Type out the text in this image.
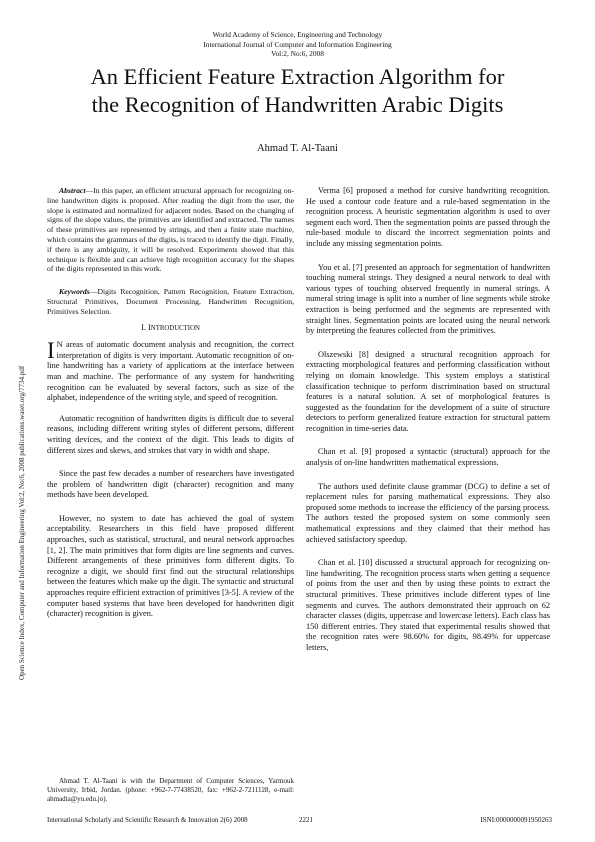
World Academy of Science, Engineering and Technology
International Journal of Computer and Information Engineering
Vol:2, No:6, 2008
An Efficient Feature Extraction Algorithm for
the Recognition of Handwritten Arabic Digits
Ahmad T. Al-Taani
Open Science Index, Computer and Information Engineering Vol:2, No:6, 2008 publications.waset.org/7734.pdf

Abstract—In this paper, an efficient structural approach for recognizing on-line handwritten digits is proposed. After reading the digit from the user, the slope is estimated and normalized for adjacent nodes. Based on the changing of signs of the slope values, the primitives are identified and extracted. The names of these primitives are represented by strings, and then a finite state machine, which contains the grammars of the digits, is traced to identify the digit. Finally, if there is any ambiguity, it will be resolved. Experiments showed that this technique is flexible and can achieve high recognition accuracy for the shapes of the digits represented in this work.

Keywords—Digits Recognition, Pattern Recognition, Feature Extraction, Structural Primitives, Document Processing, Handwritten Recognition, Primitives Selection.

I. INTRODUCTION

I N areas of automatic document analysis and recognition, the correct interpretation of digits is very important. Automatic recognition of on-line handwriting has a variety of applications at the interface between man and machine. The performance of any system for handwriting recognition can be evaluated by several factors, such as size of the alphabet, independence of the writing style, and speed of recognition.

Automatic recognition of handwritten digits is difficult due to several reasons, including different writing styles of different persons, different writing devices, and the context of the digit. This leads to digits of different sizes and skews, and strokes that vary in width and shape.

Since the past few decades a number of researchers have investigated the problem of handwritten digit (character) recognition and many methods have been developed.

However, no system to date has achieved the goal of system acceptability. Researchers in this field have proposed different approaches, such as statistical, structural, and neural network approaches [1, 2]. The main primitives that form digits are line segments and curves. Different arrangements of these primitives form different digits. To recognize a digit, we should first find out the structural relationships between the features which make up the digit. The syntactic and structural approaches require efficient extraction of primitives [3-5]. A review of the computer based systems that have been developed for handwritten digit (character) recognition is given.

Ahmad T. Al-Taani is with the Department of Computer Sciences, Yarmouk University, Irbid, Jordan. (phone: +962-7-77438520, fax: +962-2-7211128, e-mail: ahmadta@yu.edu.jo).

Verma [6] proposed a method for cursive handwriting recognition. He used a contour code feature and a rule-based segmentation in the recognition process. A heuristic segmentation algorithm is used to over segment each word. Then the segmentation points are passed through the rule-based module to discard the incorrect segmentation points and include any missing segmentation points.

You et al. [7] presented an approach for segmentation of handwritten touching numeral strings. They designed a neural network to deal with various types of touching observed frequently in numeral strings. A numeral string image is split into a number of line segments while stroke extraction is being performed and the segments are represented with straight lines. Segmentation points are located using the neural network by interpreting the features collected from the primitives.

Olszewski [8] designed a structural recognition approach for extracting morphological features and performing classification without relying on domain knowledge. This system employs a statistical classification technique to perform discrimination based on structural features is a natural solution. A set of morphological features is suggested as the foundation for the development of a suite of structure detectors to perform generalized feature extraction for structural pattern recognition in time-series data.

Chan et al. [9] proposed a syntactic (structural) approach for the analysis of on-line handwritten mathematical expressions.

The authors used definite clause grammar (DCG) to define a set of replacement rules for parsing mathematical expressions. They also proposed some methods to increase the efficiency of the parsing process. The authors tested the proposed system on some commonly seen mathematical expressions and they claimed that their method has achieved satisfactory speedup.

Chan et al. [10] discussed a structural approach for recognizing on-line handwriting. The recognition process starts when getting a sequence of points from the user and then by using these points to extract the structural primitives. These primitives include different types of line segments and curves. The authors demonstrated their approach on 62 character classes (digits, uppercase and lowercase letters). Each class has 150 different entries. They stated that experimental results showed that the recognition rates were 98.60% for digits, 98.49% for uppercase letters,

International Scholarly and Scientific Research & Innovation 2(6) 2008	2221	ISNI:0000000091950263
